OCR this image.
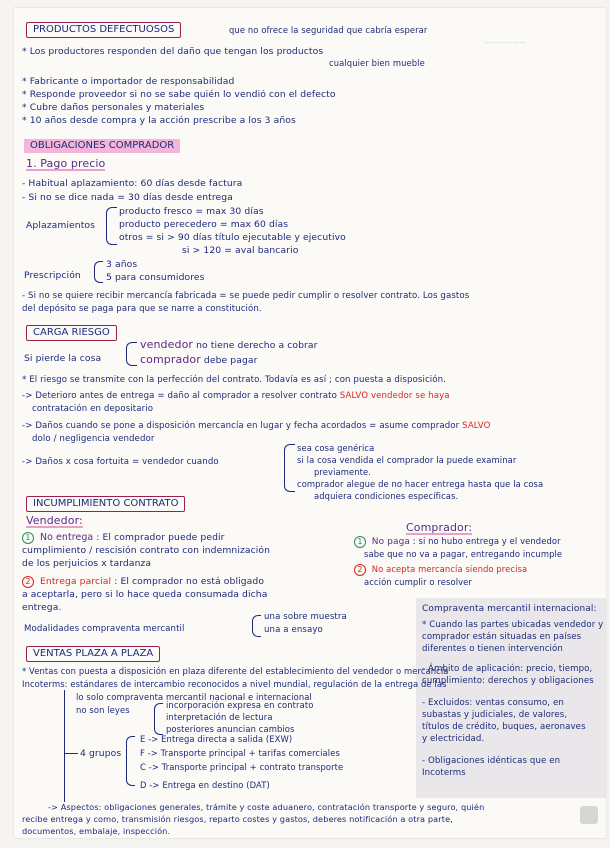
~~~~~~
PRODUCTOS DEFECTUOSOS	que no ofrece la seguridad que cabría esperar
* Los productores responden del daño que tengan los productos
cualquier bien mueble
* Fabricante o importador de responsabilidad
* Responde proveedor si no se sabe quién lo vendió con el defecto
* Cubre daños personales y materiales
* 10 años desde compra y la acción prescribe a los 3 años
OBLIGACIONES COMPRADOR
1. Pago precio
- Habitual aplazamiento: 60 días desde factura
- Si no se dice nada = 30 días desde entrega
Aplazamientos
producto fresco = max 30 días
producto perecedero = max 60 días
otros = si > 90 días título ejecutable y ejecutivo
si > 120 = aval bancario
Prescripción
3 años
5 para consumidores
- Si no se quiere recibir mercancía fabricada = se puede pedir cumplir o resolver contrato. Los gastos
del depósito se paga para que se narre a constitución.
CARGA RIESGO
Si pierde la cosa
vendedor no tiene derecho a cobrar
comprador debe pagar
* El riesgo se transmite con la perfección del contrato. Todavía es así ; con puesta a disposición.
-> Deterioro antes de entrega = daño al comprador a resolver contrato SALVO vendedor se haya
contratación en depositario
-> Daños cuando se pone a disposición mercancía en lugar y fecha acordados = asume comprador SALVO
dolo / negligencia vendedor
-> Daños x cosa fortuita = vendedor cuando
sea cosa genérica
si la cosa vendida el comprador la puede examinar
previamente.
comprador alegue de no hacer entrega hasta que la cosa
adquiera condiciones específicas.
INCUMPLIMIENTO CONTRATO
Vendedor:
Comprador:
1 No entrega : El comprador puede pedir
cumplimiento / rescisión contrato con indemnización
de los perjuicios x tardanza
2 Entrega parcial : El comprador no está obligado
a aceptarla, pero si lo hace queda consumada dicha
entrega.
1 No paga : si no hubo entrega y el vendedor
sabe que no va a pagar, entregando incumple
2 No acepta mercancía siendo precisa
acción cumplir o resolver
Modalidades compraventa mercantil
una sobre muestra
una a ensayo
Compraventa mercantil internacional:
* Cuando las partes ubicadas vendedor y
comprador están situadas en países
diferentes o tienen intervención
- Ámbito de aplicación: precio, tiempo,
cumplimiento: derechos y obligaciones
- Excluidos: ventas consumo, en
subastas y judiciales, de valores,
títulos de crédito, buques, aeronaves
y electricidad.
- Obligaciones idénticas que en
Incoterms
VENTAS PLAZA A PLAZA
* Ventas con puesta a disposición en plaza diferente del establecimiento del vendedor o mercancía
Incoterms: estándares de intercambio reconocidos a nivel mundial, regulación de la entrega de las
lo solo compraventa mercantil nacional e internacional
no son leyes	incorporación expresa en contrato
interpretación de lectura
posteriores anuncian cambios
4 grupos
E -> Entrega directa a salida (EXW)
F -> Transporte principal + tarifas comerciales
C -> Transporte principal + contrato transporte
D -> Entrega en destino (DAT)
-> Aspectos: obligaciones generales, trámite y coste aduanero, contratación transporte y seguro, quién
recibe entrega y como, transmisión riesgos, reparto costes y gastos, deberes notificación a otra parte,
documentos, embalaje, inspección.
